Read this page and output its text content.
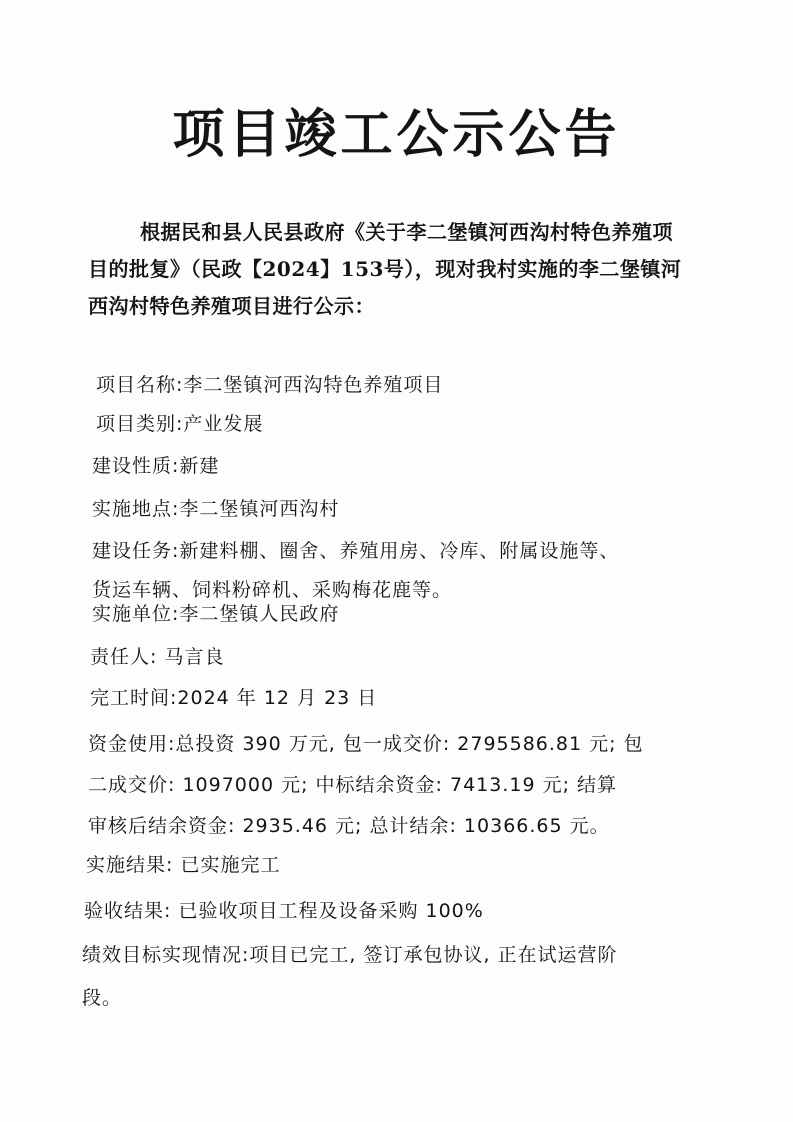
项目竣工公示公告
根据民和县人民县政府《关于李二堡镇河西沟村特色养殖项目的批复》（民政【2024】153号），现对我村实施的李二堡镇河西沟村特色养殖项目进行公示：
项目名称:李二堡镇河西沟特色养殖项目
项目类别:产业发展
建设性质:新建
实施地点:李二堡镇河西沟村
建设任务:新建料棚、圈舍、养殖用房、冷库、附属设施等、
货运车辆、饲料粉碎机、采购梅花鹿等。
实施单位:李二堡镇人民政府
责任人: 马言良
完工时间:2024 年 12 月 23 日
资金使用:总投资 390 万元, 包一成交价: 2795586.81 元; 包
二成交价: 1097000 元; 中标结余资金: 7413.19 元; 结算
审核后结余资金: 2935.46 元; 总计结余: 10366.65 元。
实施结果: 已实施完工
验收结果: 已验收项目工程及设备采购 100%
绩效目标实现情况:项目已完工, 签订承包协议, 正在试运营阶
段。
